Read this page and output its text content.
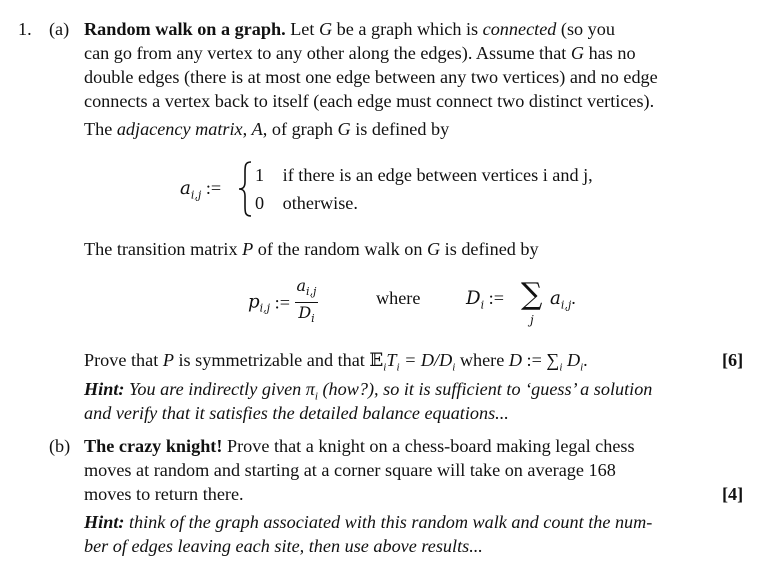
1. (a) Random walk on a graph. Let G be a graph which is connected (so you
can go from any vertex to any other along the edges). Assume that G has no
double edges (there is at most one edge between any two vertices) and no edge
connects a vertex back to itself (each edge must connect two distinct vertices).
The adjacency matrix, A, of graph G is defined by
$a_{i,j}$ :=
1 if there is an edge between vertices i and j,
0 otherwise.
The transition matrix P of the random walk on G is defined by
$p_{i,j}$ := $\frac{a_{i,j}}{D_i}$	where	$D_i$ := ∑
j
$a_{i,j}$.
Prove that P is symmetrizable and that $𝔼_iT_i = D/D_i$ where D := $\sum_i$ $D_i$.	[6]
Hint: You are indirectly given $\pi_i$ (how?), so it is sufficient to ‘guess’ a solution
and verify that it satisfies the detailed balance equations...
(b) The crazy knight! Prove that a knight on a chess-board making legal chess
moves at random and starting at a corner square will take on average 168
moves to return there.	[4]
Hint: think of the graph associated with this random walk and count the num-
ber of edges leaving each site, then use above results...
